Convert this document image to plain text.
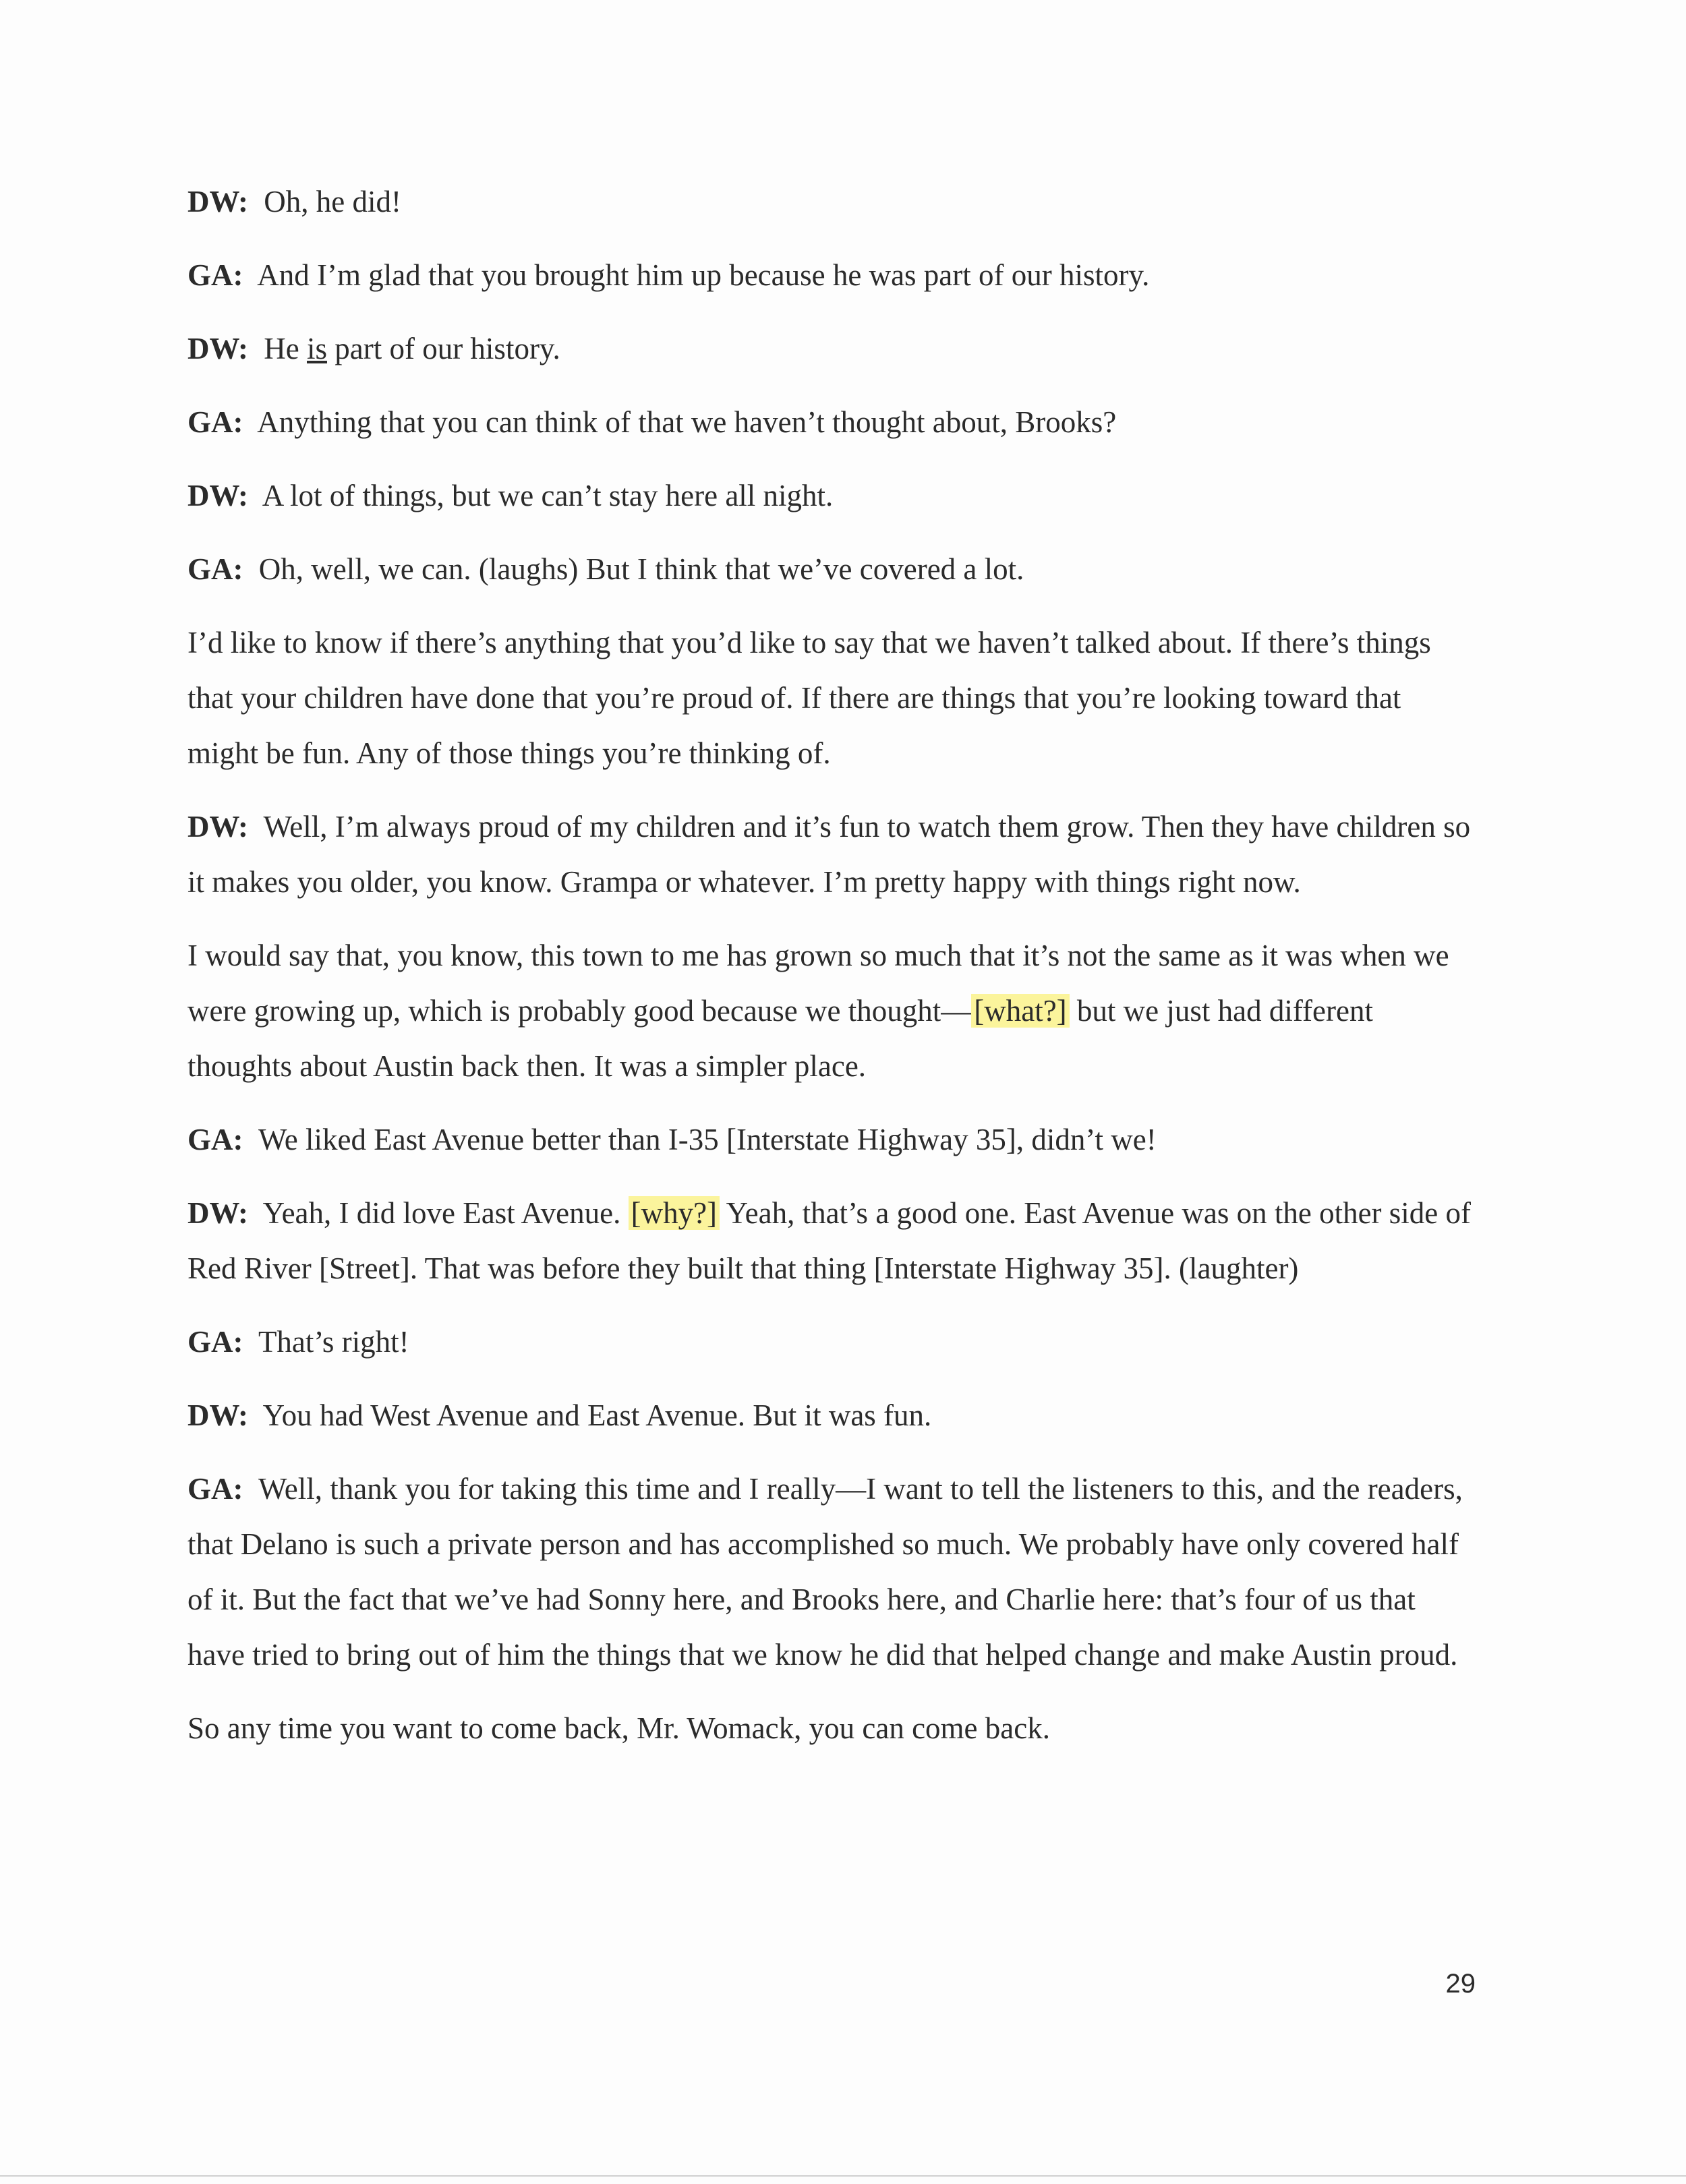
DW: Oh, he did!

GA: And I’m glad that you brought him up because he was part of our history.

DW: He is part of our history.

GA: Anything that you can think of that we haven’t thought about, Brooks?

DW: A lot of things, but we can’t stay here all night.

GA: Oh, well, we can. (laughs) But I think that we’ve covered a lot.

I’d like to know if there’s anything that you’d like to say that we haven’t talked about. If there’s things that your children have done that you’re proud of. If there are things that you’re looking toward that might be fun. Any of those things you’re thinking of.

DW: Well, I’m always proud of my children and it’s fun to watch them grow. Then they have children so it makes you older, you know. Grampa or whatever. I’m pretty happy with things right now.

I would say that, you know, this town to me has grown so much that it’s not the same as it was when we were growing up, which is probably good because we thought—[what?] but we just had different thoughts about Austin back then. It was a simpler place.

GA: We liked East Avenue better than I-35 [Interstate Highway 35], didn’t we!

DW: Yeah, I did love East Avenue. [why?] Yeah, that’s a good one. East Avenue was on the other side of Red River [Street]. That was before they built that thing [Interstate Highway 35]. (laughter)

GA: That’s right!

DW: You had West Avenue and East Avenue. But it was fun.

GA: Well, thank you for taking this time and I really—I want to tell the listeners to this, and the readers, that Delano is such a private person and has accomplished so much. We probably have only covered half of it. But the fact that we’ve had Sonny here, and Brooks here, and Charlie here: that’s four of us that have tried to bring out of him the things that we know he did that helped change and make Austin proud.

So any time you want to come back, Mr. Womack, you can come back.

29
